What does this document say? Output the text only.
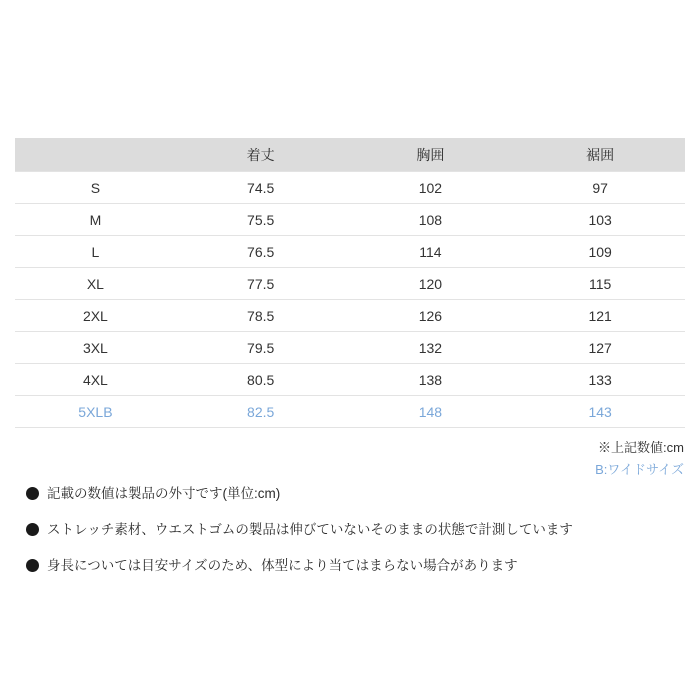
	着丈	胸囲	裾囲
S	74.5	102	97
M	75.5	108	103
L	76.5	114	109
XL	77.5	120	115
2XL	78.5	126	121
3XL	79.5	132	127
4XL	80.5	138	133
5XLB	82.5	148	143
※上記数値:cm
B:ワイドサイズ
記載の数値は製品の外寸です(単位:cm)
ストレッチ素材、ウエストゴムの製品は伸びていないそのままの状態で計測しています
身長については目安サイズのため、体型により当てはまらない場合があります
